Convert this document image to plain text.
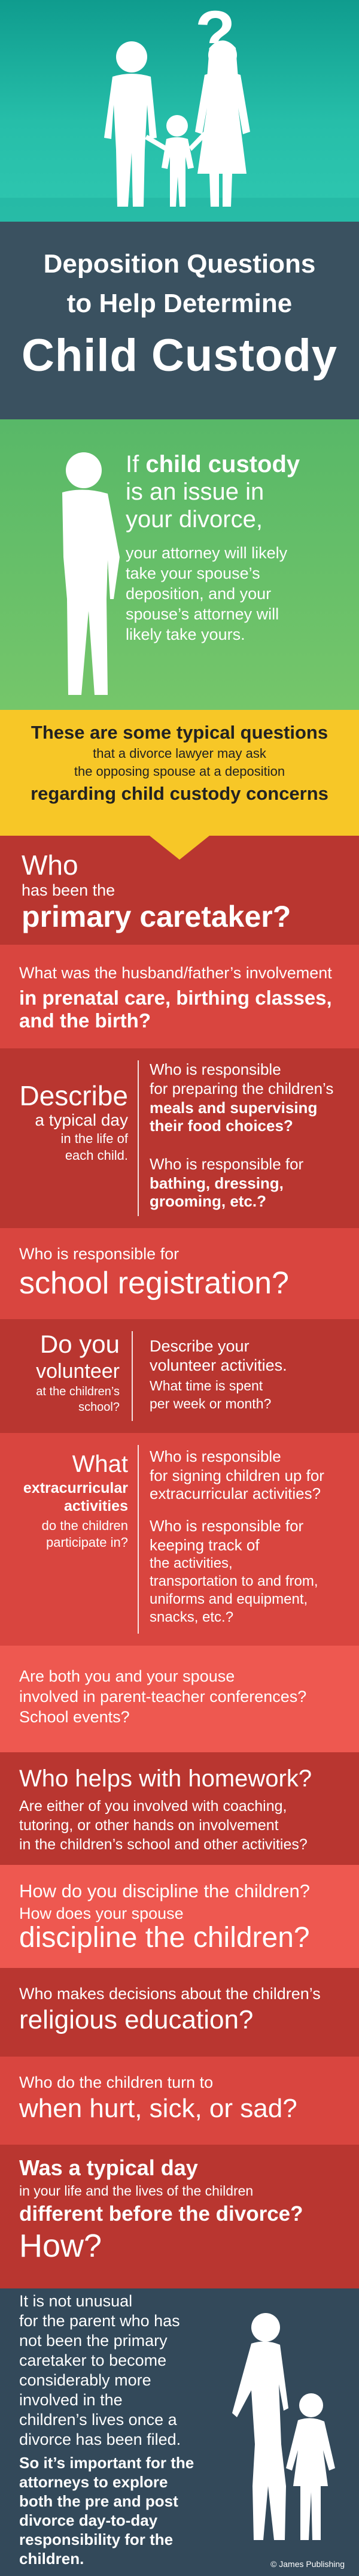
?

Deposition Questions

to Help Determine

Child Custody

If child custody

is an issue in

your divorce,

your attorney will likely

take your spouse’s

deposition, and your

spouse’s attorney will

likely take yours.

These are some typical questions

that a divorce lawyer may ask

the opposing spouse at a deposition

regarding child custody concerns

Who

has been the

primary caretaker?

What was the husband/father’s involvement

in prenatal care, birthing classes,

and the birth?

Describe

a typical day

in the life of

each child.

Who is responsible

for preparing the children’s

meals and supervising

their food choices?

Who is responsible for

bathing, dressing,

grooming, etc.?

Who is responsible for

school registration?

Do you

volunteer

at the children’s

school?

Describe your

volunteer activities.

What time is spent

per week or month?

What

extracurricular

activities

do the children

participate in?

Who is responsible

for signing children up for

extracurricular activities?

Who is responsible for

keeping track of

the activities,

transportation to and from,

uniforms and equipment,

snacks, etc.?

Are both you and your spouse

involved in parent-teacher conferences?

School events?

Who helps with homework?

Are either of you involved with coaching,

tutoring, or other hands on involvement

in the children’s school and other activities?

How do you discipline the children?

How does your spouse

discipline the children?

Who makes decisions about the children’s

religious education?

Who do the children turn to

when hurt, sick, or sad?

Was a typical day

in your life and the lives of the children

different before the divorce?

How?

It is not unusual

for the parent who has

not been the primary

caretaker to become

considerably more

involved in the

children’s lives once a

divorce has been filed.

So it’s important for the

attorneys to explore

both the pre and post

divorce day-to-day

responsibility for the

children.	© James Publishing
